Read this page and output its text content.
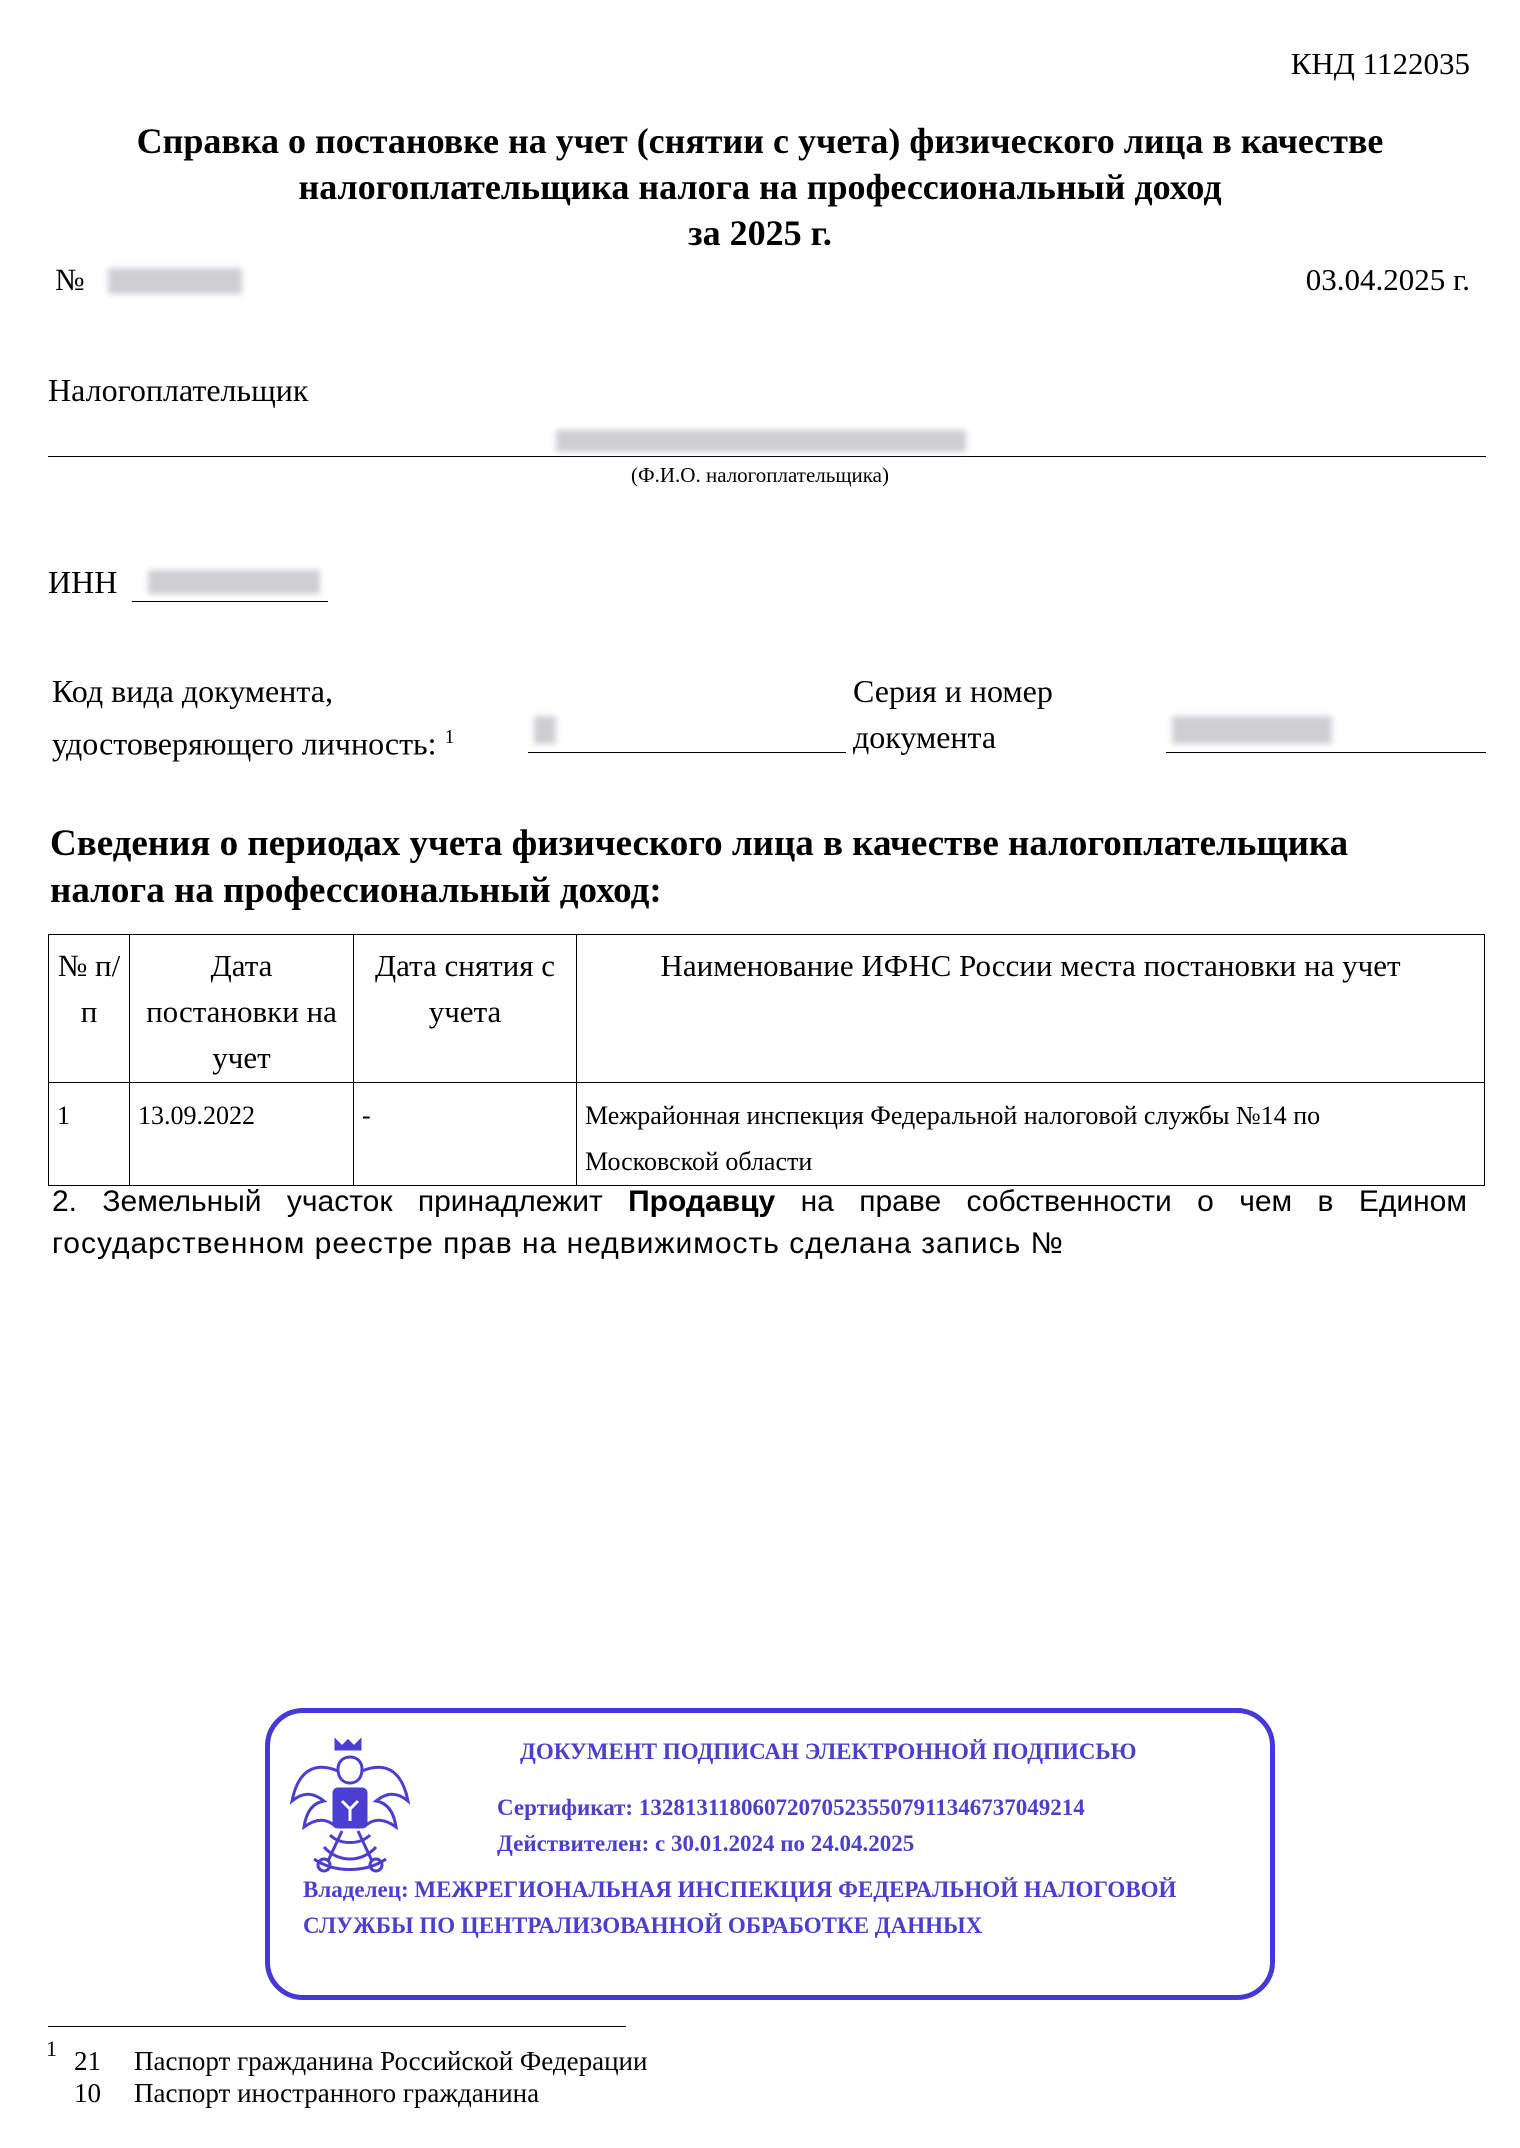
КНД 1122035
Справка о постановке на учет (снятии с учета) физического лица в качестве
налогоплательщика налога на профессиональный доход
за 2025 г.
№	03.04.2025 г.
Налогоплательщик
(Ф.И.О. налогоплательщика)
ИНН
Код вида документа,
удостоверяющего личность: $^1$
Серия и номер
документа
Сведения о периодах учета физического лица в качестве налогоплательщика
налога на профессиональный доход:
№ п/п	Дата постановки на учет	Дата снятия с учета	Наименование ИФНС России места постановки на учет
1	13.09.2022	-	Межрайонная инспекция Федеральной налоговой службы №14 по
Московской области
2. Земельный участок принадлежит Продавцу на праве собственности о чем в Едином
государственном реестре прав на недвижимость сделана запись №
ДОКУМЕНТ ПОДПИСАН ЭЛЕКТРОННОЙ ПОДПИСЬЮ
Сертификат: 132813118060720705235507911346737049214
Действителен: с 30.01.2024 по 24.04.2025
Владелец: МЕЖРЕГИОНАЛЬНАЯ ИНСПЕКЦИЯ ФЕДЕРАЛЬНОЙ НАЛОГОВОЙ
СЛУЖБЫ ПО ЦЕНТРАЛИЗОВАННОЙ ОБРАБОТКЕ ДАННЫХ
1 21 Паспорт гражданина Российской Федерации
10 Паспорт иностранного гражданина
